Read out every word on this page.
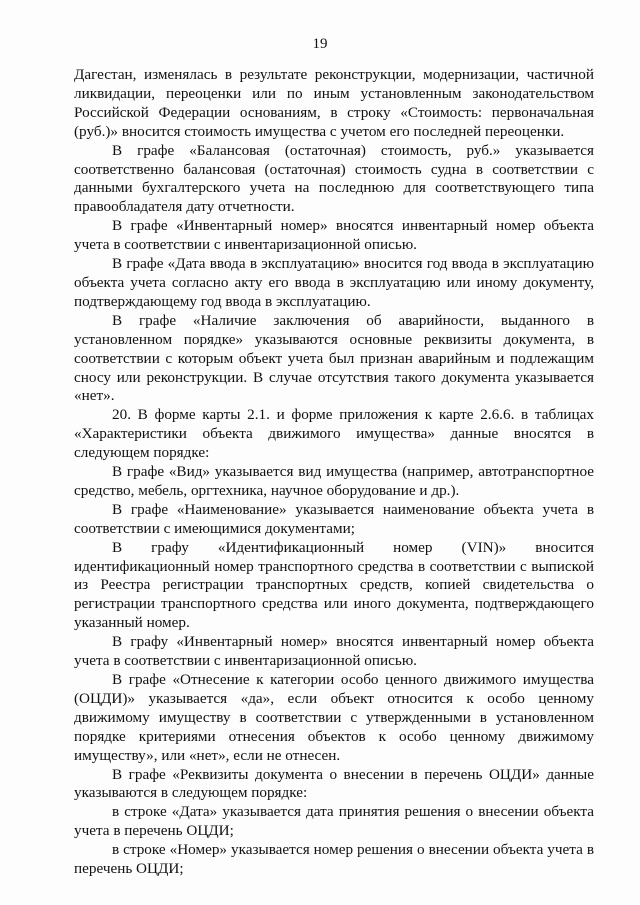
19

Дагестан, изменялась в результате реконструкции, модернизации, частичной ликвидации, переоценки или по иным установленным законодательством Российской Федерации основаниям, в строку «Стоимость: первоначальная (руб.)» вносится стоимость имущества с учетом его последней переоценки.

В графе «Балансовая (остаточная) стоимость, руб.» указывается соответственно балансовая (остаточная) стоимость судна в соответствии с данными бухгалтерского учета на последнюю для соответствующего типа правообладателя дату отчетности.

В графе «Инвентарный номер» вносятся инвентарный номер объекта учета в соответствии с инвентаризационной описью.

В графе «Дата ввода в эксплуатацию» вносится год ввода в эксплуатацию объекта учета согласно акту его ввода в эксплуатацию или иному документу, подтверждающему год ввода в эксплуатацию.

В графе «Наличие заключения об аварийности, выданного в установленном порядке» указываются основные реквизиты документа, в соответствии с которым объект учета был признан аварийным и подлежащим сносу или реконструкции. В случае отсутствия такого документа указывается «нет».

20. В форме карты 2.1. и форме приложения к карте 2.6.6. в таблицах «Характеристики объекта движимого имущества» данные вносятся в следующем порядке:

В графе «Вид» указывается вид имущества (например, автотранспортное средство, мебель, оргтехника, научное оборудование и др.).

В графе «Наименование» указывается наименование объекта учета в соответствии с имеющимися документами;

В графу «Идентификационный номер (VIN)» вносится идентификационный номер транспортного средства в соответствии с выпиской из Реестра регистрации транспортных средств, копией свидетельства о регистрации транспортного средства или иного документа, подтверждающего указанный номер.

В графу «Инвентарный номер» вносятся инвентарный номер объекта учета в соответствии с инвентаризационной описью.

В графе «Отнесение к категории особо ценного движимого имущества (ОЦДИ)» указывается «да», если объект относится к особо ценному движимому имуществу в соответствии с утвержденными в установленном порядке критериями отнесения объектов к особо ценному движимому имуществу», или «нет», если не отнесен.

В графе «Реквизиты документа о внесении в перечень ОЦДИ» данные указываются в следующем порядке:

в строке «Дата» указывается дата принятия решения о внесении объекта учета в перечень ОЦДИ;

в строке «Номер» указывается номер решения о внесении объекта учета в перечень ОЦДИ;
